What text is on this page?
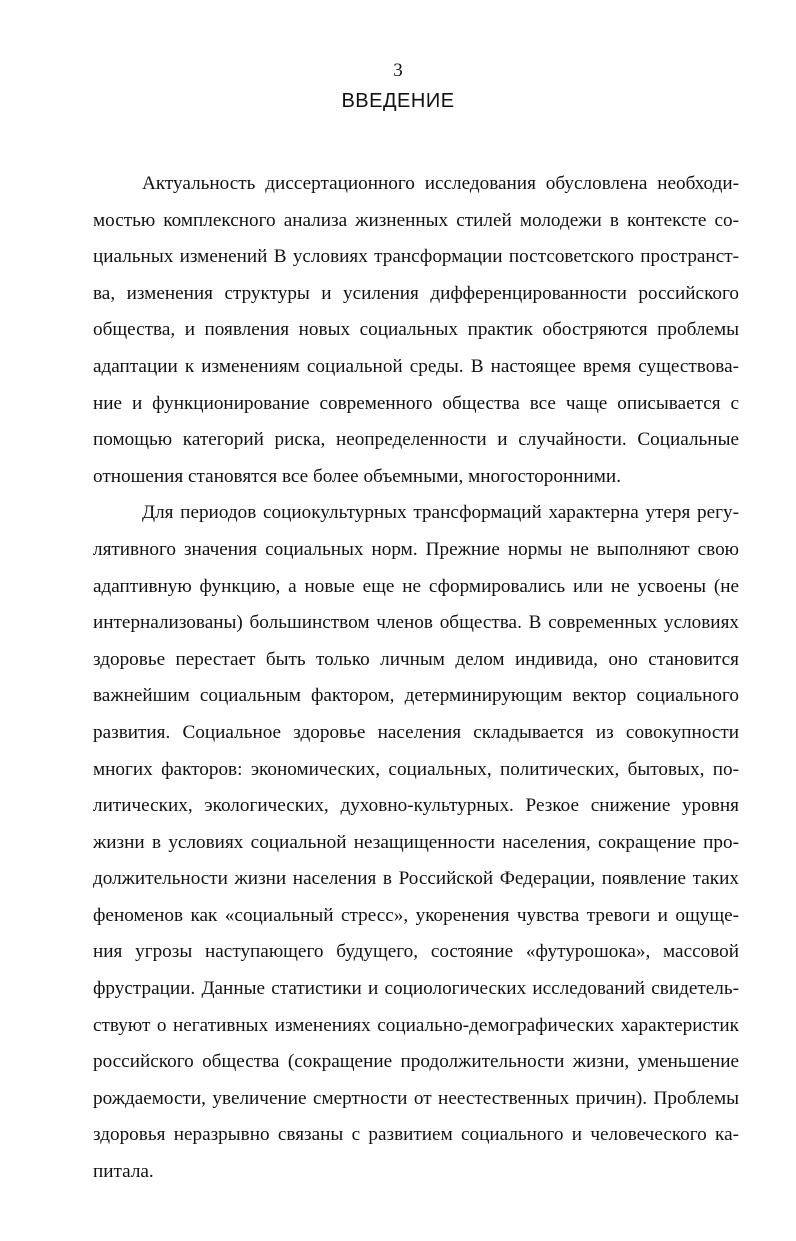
3
ВВЕДЕНИЕ

Актуальность диссертационного исследования обусловлена необходи-
мостью комплексного анализа жизненных стилей молодежи в контексте со-
циальных изменений В условиях трансформации постсоветского пространст-
ва, изменения структуры и усиления дифференцированности российского
общества, и появления новых социальных практик обостряются проблемы
адаптации к изменениям социальной среды. В настоящее время существова-
ние и функционирование современного общества все чаще описывается с
помощью категорий риска, неопределенности и случайности. Социальные
отношения становятся все более объемными, многосторонними.

Для периодов социокультурных трансформаций характерна утеря регу-
лятивного значения социальных норм. Прежние нормы не выполняют свою
адаптивную функцию, а новые еще не сформировались или не усвоены (не
интернализованы) большинством членов общества. В современных условиях
здоровье перестает быть только личным делом индивида, оно становится
важнейшим социальным фактором, детерминирующим вектор социального
развития. Социальное здоровье населения складывается из совокупности
многих факторов: экономических, социальных, политических, бытовых, по-
литических, экологических, духовно-культурных. Резкое снижение уровня
жизни в условиях социальной незащищенности населения, сокращение про-
должительности жизни населения в Российской Федерации, появление таких
феноменов как «социальный стресс», укоренения чувства тревоги и ощуще-
ния угрозы наступающего будущего, состояние «футурошока», массовой
фрустрации. Данные статистики и социологических исследований свидетель-
ствуют о негативных изменениях социально-демографических характеристик
российского общества (сокращение продолжительности жизни, уменьшение
рождаемости, увеличение смертности от неестественных причин). Проблемы
здоровья неразрывно связаны с развитием социального и человеческого ка-
питала.
